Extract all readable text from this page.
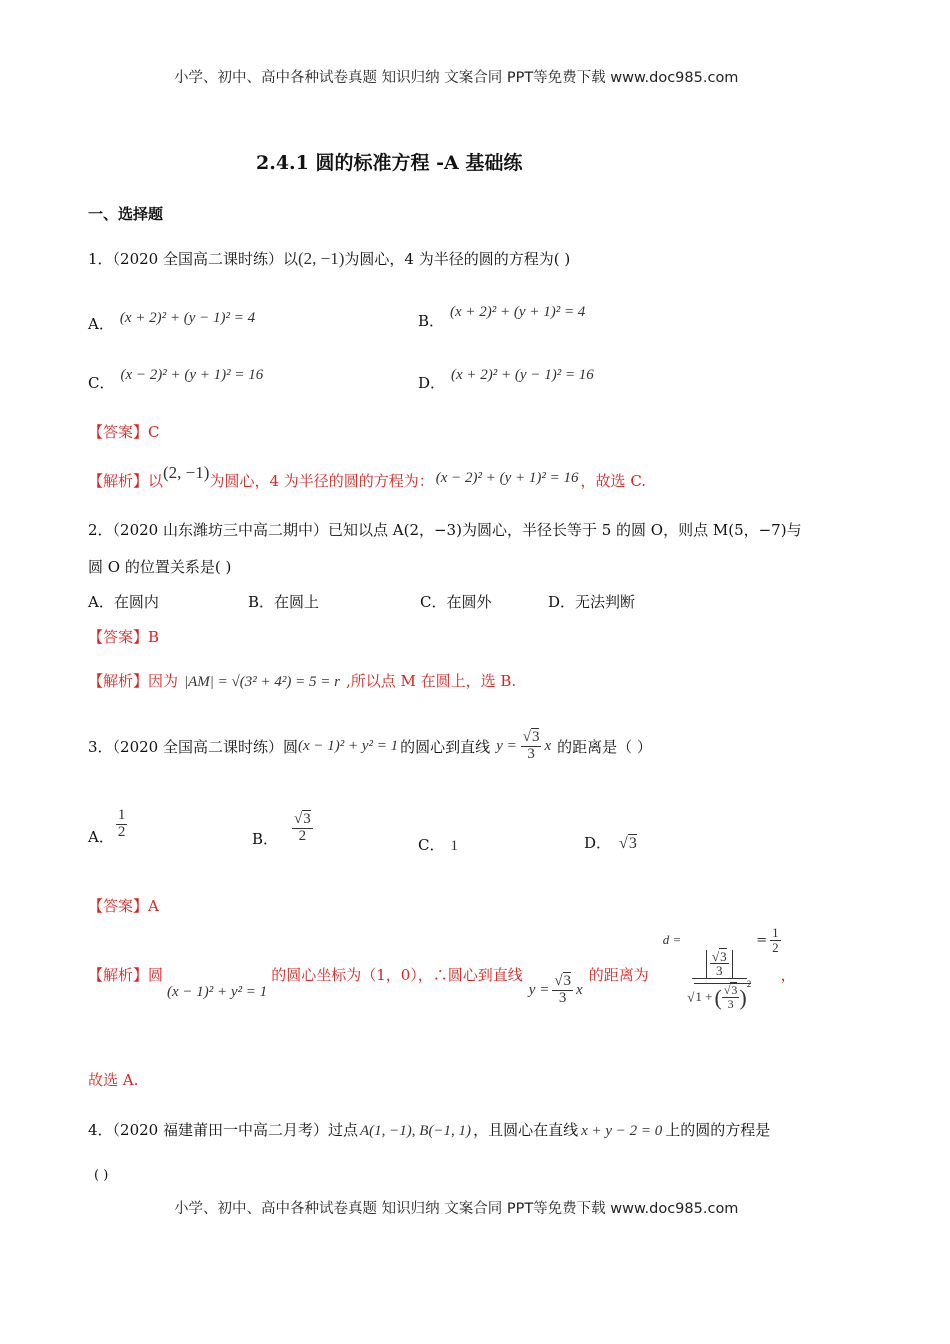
小学、初中、高中各种试卷真题 知识归纳 文案合同 PPT等免费下载 www.doc985.com
小学、初中、高中各种试卷真题 知识归纳 文案合同 PPT等免费下载 www.doc985.com
2.4.1 圆的标准方程 -A 基础练
一、选择题
1．（2020 全国高二课时练）以(2, −1)为圆心，4 为半径的圆的方程为( )
A． (x + 2)² + (y − 1)² = 4	B． (x + 2)² + (y + 1)² = 4
C． (x − 2)² + (y + 1)² = 16	D． (x + 2)² + (y − 1)² = 16
【答案】C
【解析】以(2, −1)为圆心，4 为半径的圆的方程为： (x − 2)² + (y + 1)² = 16 ，故选 C.
2．（2020 山东潍坊三中高二期中）已知以点 A(2，−3)为圆心，半径长等于 5 的圆 O，则点 M(5，−7)与
圆 O 的位置关系是( )
A．在圆内	B．在圆上	C．在圆外	D．无法判断
【答案】B
【解析】因为 |AM| = √(3² + 4²) = 5 = r ,所以点 M 在圆上，选 B.
3．（2020 全国高二课时练）圆 (x − 1)² + y² = 1 的圆心到直线 $y = \frac{√3}{3}$ x 的距离是（ ）
A． $\frac{1}{2}$	B． $\frac{√3}{2}$
C． 1	D． √3
【答案】A
【解析】圆
(x − 1)² + y² = 1
的圆心坐标为（1，0），∴圆心到直线
$y = \frac{√3}{3}$ x
的距离为
d =
$\frac{√3}{3}$
√ 1 + ( $\frac{√3}{3}$ )
$^2$
= $\frac{1}{2}$
，
故选 A.
4．（2020 福建莆田一中高二月考）过点 A(1, −1), B(−1, 1) ，且圆心在直线 x + y − 2 = 0 上的圆的方程是
( )
